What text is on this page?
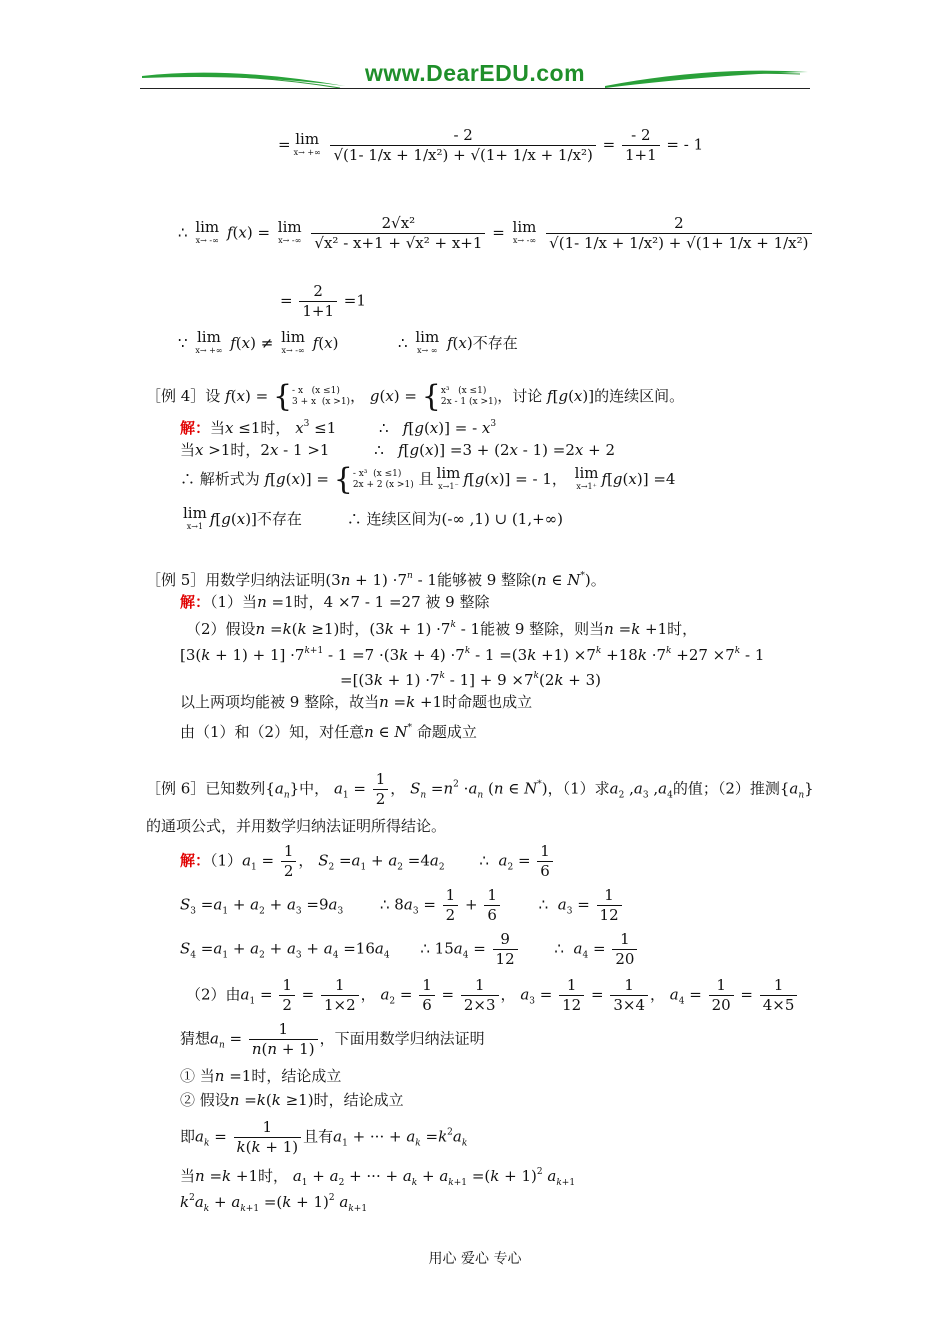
www.DearEDU.com
= lim
x→ +∞
$\frac{- 2}{\text{√(1- 1/x + 1/x²) + √(1+ 1/x + 1/x²)}} = \frac{- 2}{1+1}$ = - 1
∴ lim
x→ -∞ f(x) = lim
x→ -∞
$\frac{\text{2√x²}}{\text{√x² - x+1 + √x² + x+1}} = \lim$
x→ -∞
$\frac{2}{\text{√(1- 1/x + 1/x²) + √(1+ 1/x + 1/x²)}}$
= $\frac{2}{1+1} =1$
∵ lim
x→ +∞ f(x) ≠ lim
x→ -∞ f(x)	∴ lim
x→ ∞ f(x)不存在
［例 4］设 f(x) = {- x   (x ≤1)
3 + x  (x >1)， g(x) = {x³   (x ≤1)
2x - 1 (x >1)，讨论 f[g(x)]的连续区间。
解：当x ≤1时， $x^3 \le 1$	∴   f[g(x)] = - $x^3$
当x >1时，2x - 1 >1	∴   f[g(x)] =3 + (2x - 1) =2x + 2
∴ 解析式为 f[g(x)] = {- x³  (x ≤1)
2x + 2 (x >1) 且 lim
x→1⁻ f[g(x)] = - 1， lim
x→1⁺ f[g(x)] =4
lim
x→1 f[g(x)]不存在	∴ 连续区间为(-∞ ,1) ∪ (1,+∞)
［例 5］用数学归纳法证明$(3n + 1) \cdot 7^n - 1$能够被 9 整除(n ∈ N*)。
解：（1）当n =1时，4 ×7 - 1 =27 被 9 整除
（2）假设n =k(k ≥1)时，$(3k + 1) \cdot 7^k - 1$能被 9 整除，则当n =k +1时，
$[3(k + 1) + 1] \cdot 7^{k+1} - 1 =7 \cdot(3k + 4) \cdot 7^k - 1 =(3k +1) \times 7^k +18k \cdot 7^k +27 \times 7^k - 1$
$=[(3k + 1) \cdot 7^k - 1] + 9 \times 7^k(2k + 3)$
以上两项均能被 9 整除，故当n =k +1时命题也成立
由（1）和（2）知，对任意n ∈ N* 命题成立
［例 6］已知数列$\{a_n\}$中， $a_1 = \frac{1}{2}$ ， $S_n =n^2 \cdot a_n$ (n ∈ N*)，（1）求$a_2$ $,a_3$ $,a_4$的值；（2）推测$\{a_n\}$
的通项公式，并用数学归纳法证明所得结论。
解：$(1)a_1 = \frac{1}{2}$ ， $S_2 =a_1 + a_2 =4a_2$ ∴  $a_2 = \frac{1}{6}$
$S_3 =a_1 + a_2 + a_3 =9a_3$ ∴ $8a_3 = \frac{1}{2} + \frac{1}{6}$	∴  $a_3 = \frac{1}{12}$
$S_4 =a_1 + a_2 + a_3 + a_4 =16a_4$ ∴ $15a_4 = \frac{9}{12}$ ∴  $a_4 = \frac{1}{20}$
（2）由$a_1 = \frac{1}{2} = \frac{1}{1\times 2}$ ， $a_2 = \frac{1}{6} = \frac{1}{2\times 3}$ ， $a_3 = \frac{1}{12} = \frac{1}{3\times 4}$ ， $a_4 = \frac{1}{20} = \frac{1}{4\times 5}$
猜想$a_n = \frac{1}{n(n + 1)}$ ，下面用数学归纳法证明
① 当n =1时，结论成立
② 假设n =k(k ≥1)时，结论成立
即$a_k = \frac{1}{k(k + 1)}$ 且有$a_1$ + ··· + $a_k =k^2a_k$
当n =k +1时， $a_1 + a_2$ + ··· + $a_k + a_{k+1} =(k + 1)^2$ $a_{k+1}$
$k^2a_k + a_{k+1} =(k + 1)^2$ $a_{k+1}$
用心 爱心 专心
